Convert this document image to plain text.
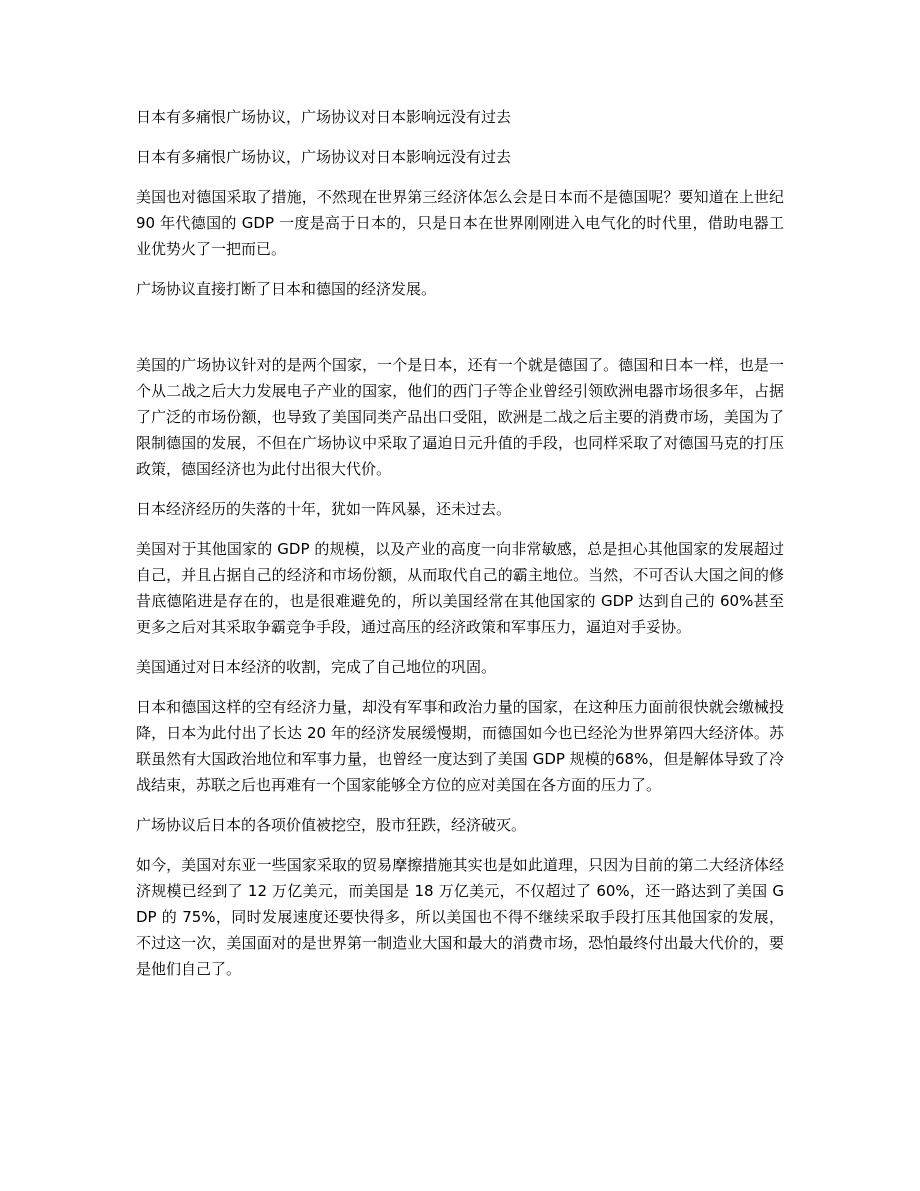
日本有多痛恨广场协议，广场协议对日本影响远没有过去

日本有多痛恨广场协议，广场协议对日本影响远没有过去

美国也对德国采取了措施，不然现在世界第三经济体怎么会是日本而不是德国呢？要知道在上世纪 90 年代德国的 GDP 一度是高于日本的，只是日本在世界刚刚进入电气化的时代里，借助电器工业优势火了一把而已。

广场协议直接打断了日本和德国的经济发展。

美国的广场协议针对的是两个国家，一个是日本，还有一个就是德国了。德国和日本一样，也是一个从二战之后大力发展电子产业的国家，他们的西门子等企业曾经引领欧洲电器市场很多年，占据了广泛的市场份额，也导致了美国同类产品出口受阻，欧洲是二战之后主要的消费市场，美国为了限制德国的发展，不但在广场协议中采取了逼迫日元升值的手段，也同样采取了对德国马克的打压政策，德国经济也为此付出很大代价。

日本经济经历的失落的十年，犹如一阵风暴，还未过去。

美国对于其他国家的 GDP 的规模，以及产业的高度一向非常敏感，总是担心其他国家的发展超过自己，并且占据自己的经济和市场份额，从而取代自己的霸主地位。当然，不可否认大国之间的修昔底德陷进是存在的，也是很难避免的，所以美国经常在其他国家的 GDP 达到自己的 60%甚至更多之后对其采取争霸竞争手段，通过高压的经济政策和军事压力，逼迫对手妥协。

美国通过对日本经济的收割，完成了自己地位的巩固。

日本和德国这样的空有经济力量，却没有军事和政治力量的国家，在这种压力面前很快就会缴械投降，日本为此付出了长达 20 年的经济发展缓慢期，而德国如今也已经沦为世界第四大经济体。苏联虽然有大国政治地位和军事力量，也曾经一度达到了美国 GDP 规模的68%，但是解体导致了冷战结束，苏联之后也再难有一个国家能够全方位的应对美国在各方面的压力了。

广场协议后日本的各项价值被挖空，股市狂跌，经济破灭。

如今，美国对东亚一些国家采取的贸易摩擦措施其实也是如此道理，只因为目前的第二大经济体经济规模已经到了 12 万亿美元，而美国是 18 万亿美元，不仅超过了 60%，还一路达到了美国 GDP 的 75%，同时发展速度还要快得多，所以美国也不得不继续采取手段打压其他国家的发展，不过这一次，美国面对的是世界第一制造业大国和最大的消费市场，恐怕最终付出最大代价的，要是他们自己了。
